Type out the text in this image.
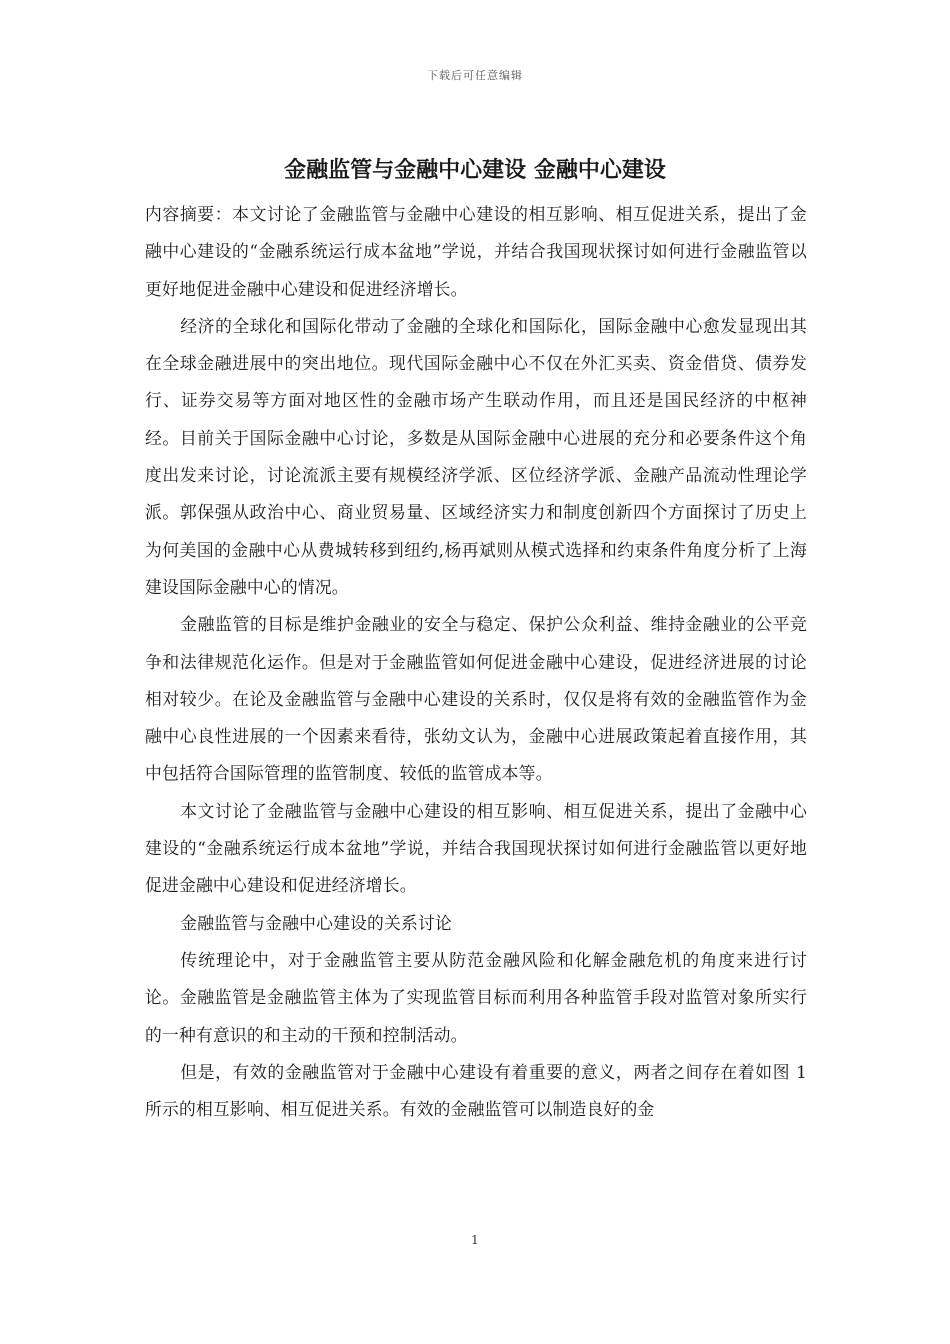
下载后可任意编辑
金融监管与金融中心建设 金融中心建设

内容摘要：本文讨论了金融监管与金融中心建设的相互影响、相互促进关系，提出了金融中心建设的“金融系统运行成本盆地”学说，并结合我国现状探讨如何进行金融监管以更好地促进金融中心建设和促进经济增长。

经济的全球化和国际化带动了金融的全球化和国际化，国际金融中心愈发显现出其在全球金融进展中的突出地位。现代国际金融中心不仅在外汇买卖、资金借贷、债券发行、证券交易等方面对地区性的金融市场产生联动作用，而且还是国民经济的中枢神经。目前关于国际金融中心讨论，多数是从国际金融中心进展的充分和必要条件这个角度出发来讨论，讨论流派主要有规模经济学派、区位经济学派、金融产品流动性理论学派。郭保强从政治中心、商业贸易量、区域经济实力和制度创新四个方面探讨了历史上为何美国的金融中心从费城转移到纽约,杨再斌则从模式选择和约束条件角度分析了上海建设国际金融中心的情况。

金融监管的目标是维护金融业的安全与稳定、保护公众利益、维持金融业的公平竞争和法律规范化运作。但是对于金融监管如何促进金融中心建设，促进经济进展的讨论相对较少。在论及金融监管与金融中心建设的关系时，仅仅是将有效的金融监管作为金融中心良性进展的一个因素来看待，张幼文认为，金融中心进展政策起着直接作用，其中包括符合国际管理的监管制度、较低的监管成本等。

本文讨论了金融监管与金融中心建设的相互影响、相互促进关系，提出了金融中心建设的“金融系统运行成本盆地”学说，并结合我国现状探讨如何进行金融监管以更好地促进金融中心建设和促进经济增长。

金融监管与金融中心建设的关系讨论

传统理论中，对于金融监管主要从防范金融风险和化解金融危机的角度来进行讨论。金融监管是金融监管主体为了实现监管目标而利用各种监管手段对监管对象所实行的一种有意识的和主动的干预和控制活动。

但是，有效的金融监管对于金融中心建设有着重要的意义，两者之间存在着如图 1 所示的相互影响、相互促进关系。有效的金融监管可以制造良好的金

1
